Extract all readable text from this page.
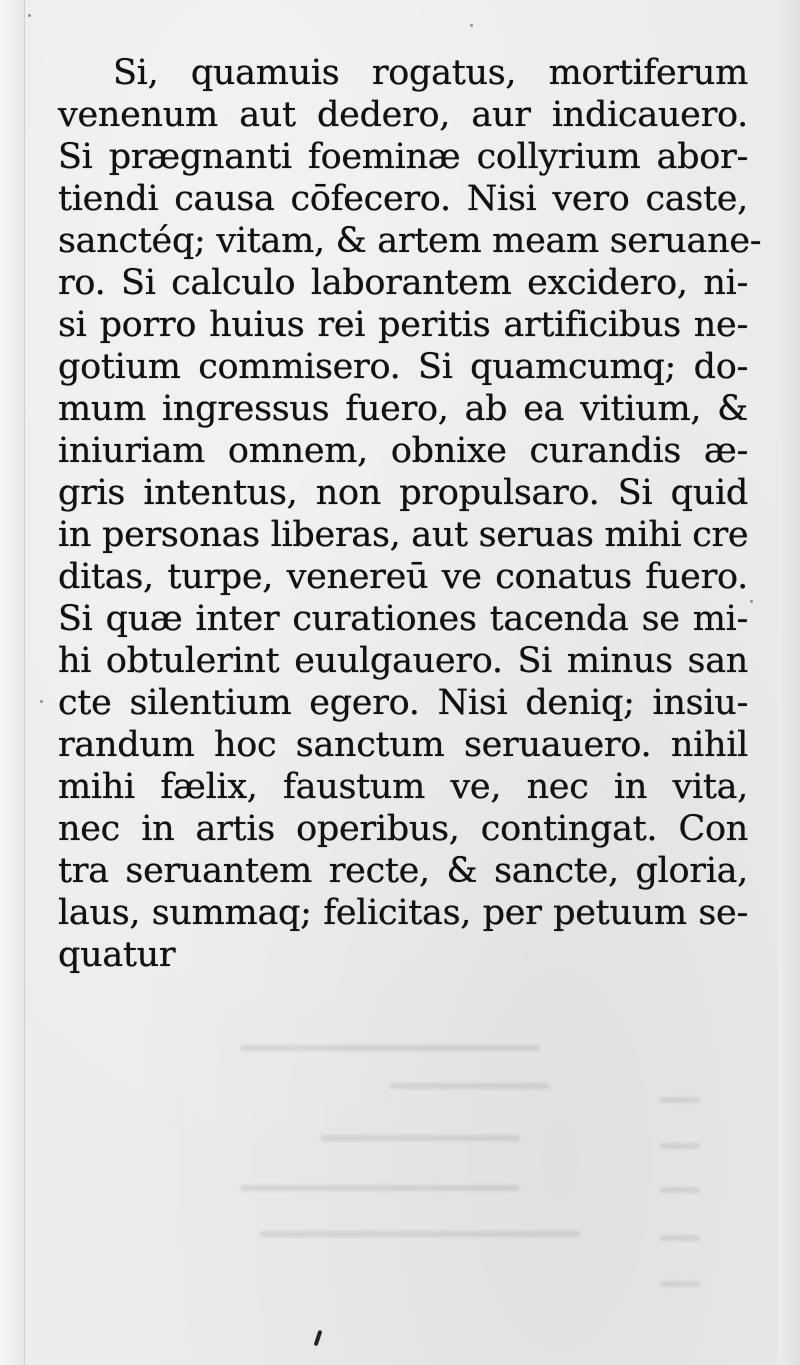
Si, quamuis rogatus, mortiferum
venenum aut dedero, aur indicauero.
Si prægnanti foeminæ collyrium abor-
tiendi causa cōfecero. Nisi vero caste,
sanctéq; vitam, & artem meam seruane-
ro. Si calculo laborantem excidero, ni-
si porro huius rei peritis artificibus ne-
gotium commisero. Si quamcumq; do-
mum ingressus fuero, ab ea vitium, &
iniuriam omnem, obnixe curandis æ-
gris intentus, non propulsaro. Si quid
in personas liberas, aut seruas mihi cre
ditas, turpe, venereū ve conatus fuero.
Si quæ inter curationes tacenda se mi-
hi obtulerint euulgauero. Si minus san
cte silentium egero. Nisi deniq; insiu-
randum hoc sanctum seruauero. nihil
mihi fælix, faustum ve, nec in vita,
nec in artis operibus, contingat. Con
tra seruantem recte, & sancte, gloria,
laus, summaq; felicitas, per petuum se-
quatur
